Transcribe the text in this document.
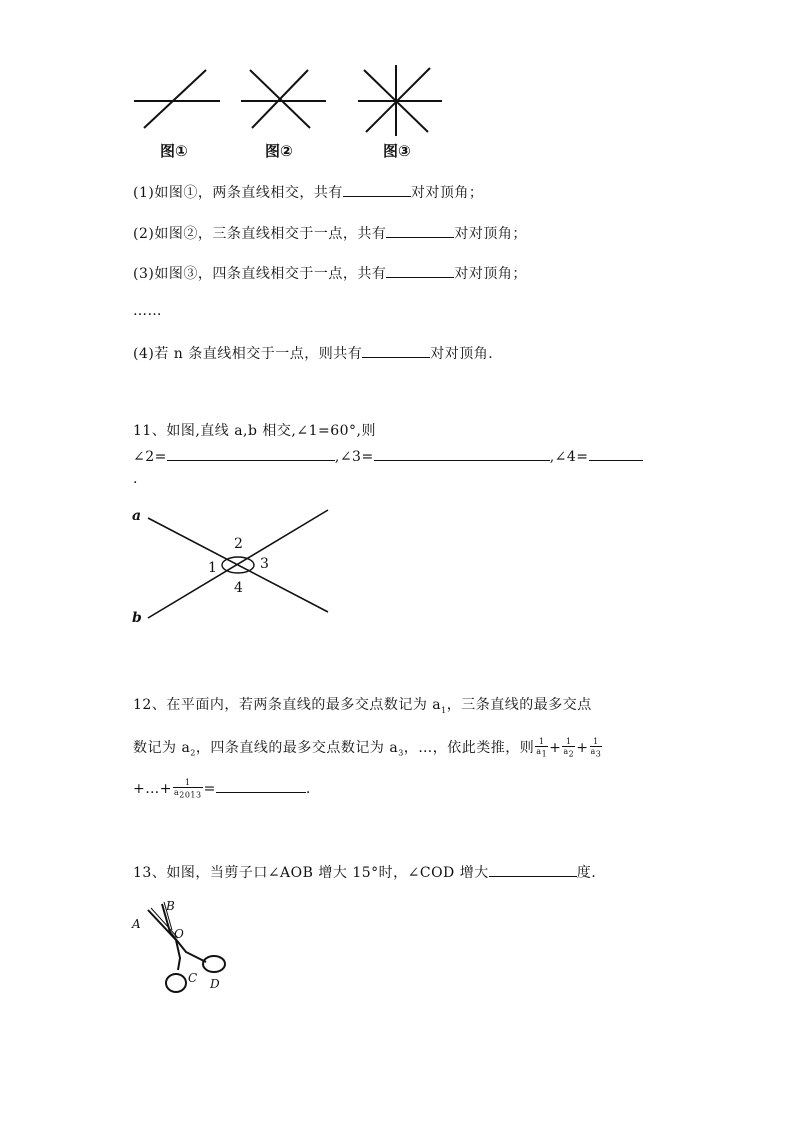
图①	图②	图③
(1)如图①，两条直线相交，共有	对对顶角；
(2)如图②，三条直线相交于一点，共有	对对顶角；
(3)如图③，四条直线相交于一点，共有	对对顶角；
……
(4)若 n 条直线相交于一点，则共有	对对顶角.
11、如图,直线 a,b 相交,∠1=60°,则
∠2=	,∠3=	,∠4=
.
a
b
2
1	3
4
12、在平面内，若两条直线的最多交点数记为 $a_1$，三条直线的最多交点
数记为 $a_2$，四条直线的最多交点数记为 $a_3$，…，依此类推，则 $\frac{1}{a_1} + \frac{1}{a_2} + \frac{1}{a_3}$
+…+ $\frac{1}{a_{2013}}$ =	.
13、如图，当剪子口∠AOB 增大 15°时，∠COD 增大	度.
A
B
O
C D
